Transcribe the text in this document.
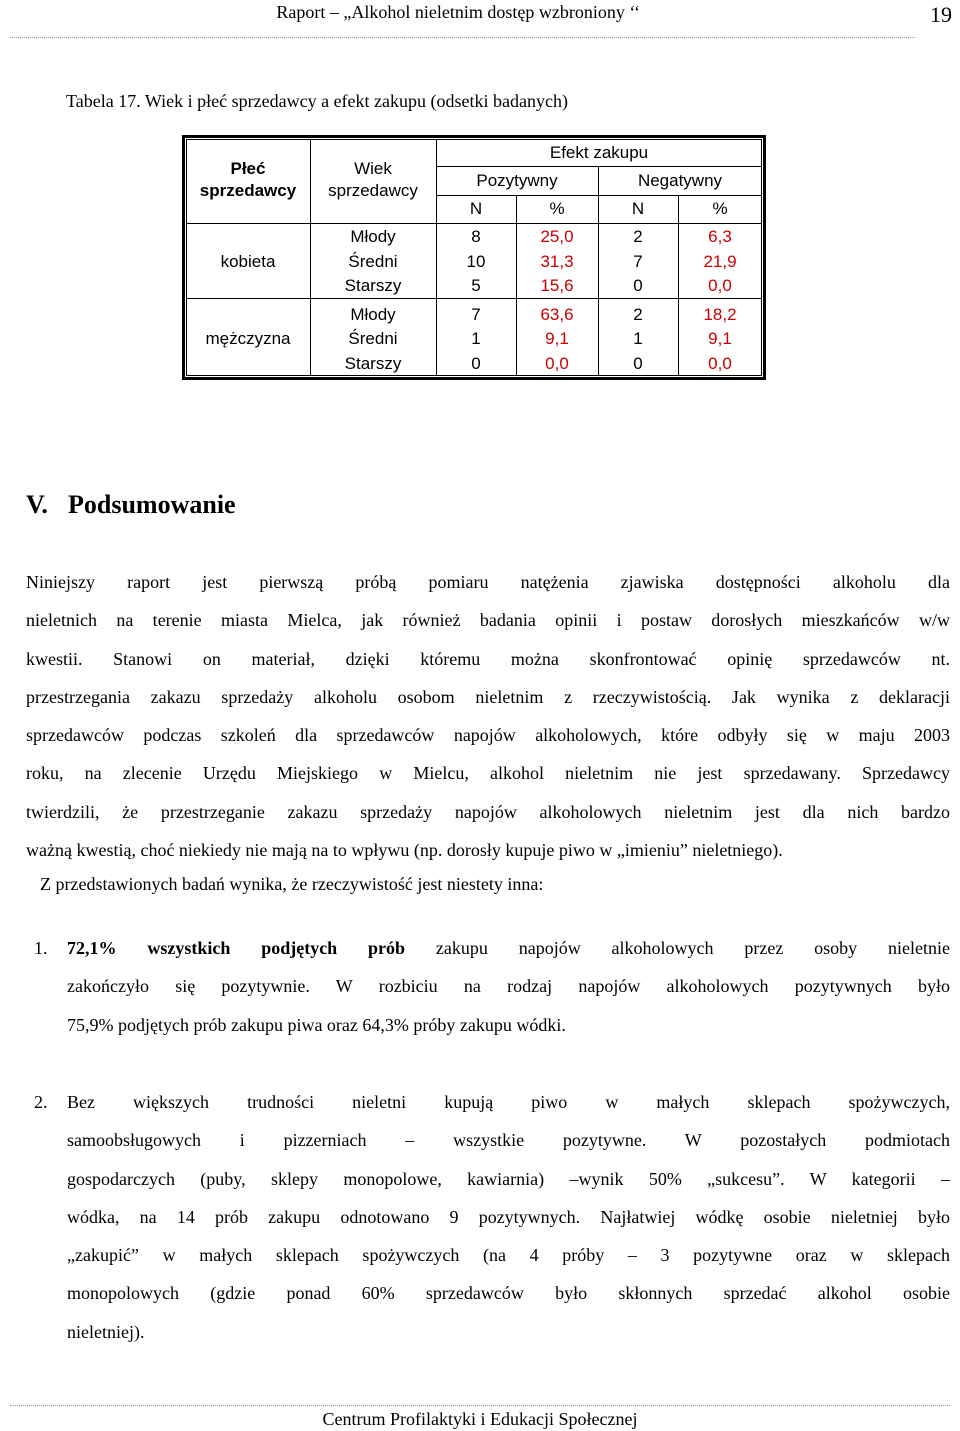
Raport – „Alkohol nieletnim dostęp wzbroniony ‘‘	19
Tabela 17. Wiek i płeć sprzedawcy a efekt zakupu (odsetki badanych)
Płeć
sprzedawcy
Wiek
sprzedawcy
Efekt zakupu
Pozytywny	Negatywny
N	%	N	%
kobieta
Młody	8	25,0	2	6,3
Średni	10	31,3	7	21,9
Starszy	5	15,6	0	0,0
mężczyzna
Młody	7	63,6	2	18,2
Średni	1	9,1	1	9,1
Starszy	0	0,0	0	0,0
V. Podsumowanie
Niniejszy raport jest pierwszą próbą pomiaru natężenia zjawiska dostępności alkoholu dla
nieletnich na terenie miasta Mielca, jak również badania opinii i postaw dorosłych mieszkańców w/w
kwestii. Stanowi on materiał, dzięki któremu można skonfrontować opinię sprzedawców nt.
przestrzegania zakazu sprzedaży alkoholu osobom nieletnim z rzeczywistością. Jak wynika z deklaracji
sprzedawców podczas szkoleń dla sprzedawców napojów alkoholowych, które odbyły się w maju 2003
roku, na zlecenie Urzędu Miejskiego w Mielcu, alkohol nieletnim nie jest sprzedawany. Sprzedawcy
twierdzili, że przestrzeganie zakazu sprzedaży napojów alkoholowych nieletnim jest dla nich bardzo
ważną kwestią, choć niekiedy nie mają na to wpływu (np. dorosły kupuje piwo w „imieniu” nieletniego).
Z przedstawionych badań wynika, że rzeczywistość jest niestety inna:
1. 72,1% wszystkich podjętych prób zakupu napojów alkoholowych przez osoby nieletnie
zakończyło się pozytywnie. W rozbiciu na rodzaj napojów alkoholowych pozytywnych było
75,9% podjętych prób zakupu piwa oraz 64,3% próby zakupu wódki.
2. Bez większych trudności nieletni kupują piwo w małych sklepach spożywczych,
samoobsługowych i pizzerniach – wszystkie pozytywne. W pozostałych podmiotach
gospodarczych (puby, sklepy monopolowe, kawiarnia) –wynik 50% „sukcesu”. W kategorii –
wódka, na 14 prób zakupu odnotowano 9 pozytywnych. Najłatwiej wódkę osobie nieletniej było
„zakupić” w małych sklepach spożywczych (na 4 próby – 3 pozytywne oraz w sklepach
monopolowych (gdzie ponad 60% sprzedawców było skłonnych sprzedać alkohol osobie
nieletniej).
Centrum Profilaktyki i Edukacji Społecznej
